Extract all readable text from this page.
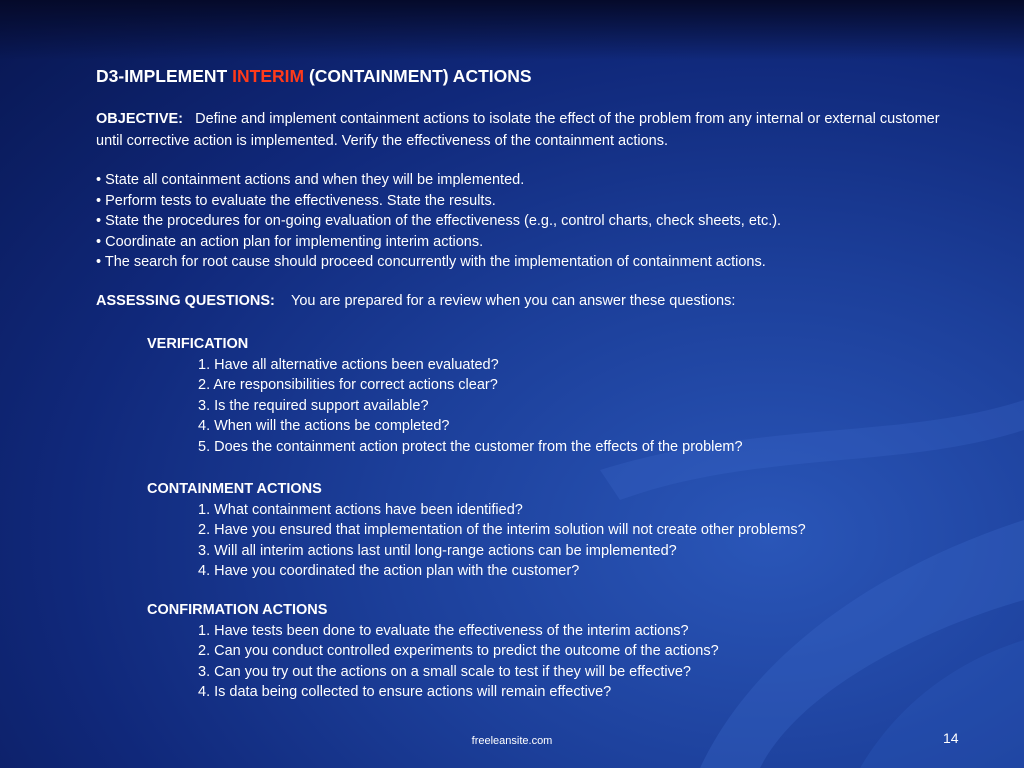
D3-IMPLEMENT INTERIM (CONTAINMENT) ACTIONS
OBJECTIVE: Define and implement containment actions to isolate the effect of the problem from any internal or external customer until corrective action is implemented. Verify the effectiveness of the containment actions.
• State all containment actions and when they will be implemented.
• Perform tests to evaluate the effectiveness. State the results.
• State the procedures for on-going evaluation of the effectiveness (e.g., control charts, check sheets, etc.).
• Coordinate an action plan for implementing interim actions.
• The search for root cause should proceed concurrently with the implementation of containment actions.
ASSESSING QUESTIONS: You are prepared for a review when you can answer these questions:
VERIFICATION
1. Have all alternative actions been evaluated?
2. Are responsibilities for correct actions clear?
3. Is the required support available?
4. When will the actions be completed?
5. Does the containment action protect the customer from the effects of the problem?
CONTAINMENT ACTIONS
1. What containment actions have been identified?
2. Have you ensured that implementation of the interim solution will not create other problems?
3. Will all interim actions last until long-range actions can be implemented?
4. Have you coordinated the action plan with the customer?
CONFIRMATION ACTIONS
1. Have tests been done to evaluate the effectiveness of the interim actions?
2. Can you conduct controlled experiments to predict the outcome of the actions?
3. Can you try out the actions on a small scale to test if they will be effective?
4. Is data being collected to ensure actions will remain effective?
freeleansite.com	14
